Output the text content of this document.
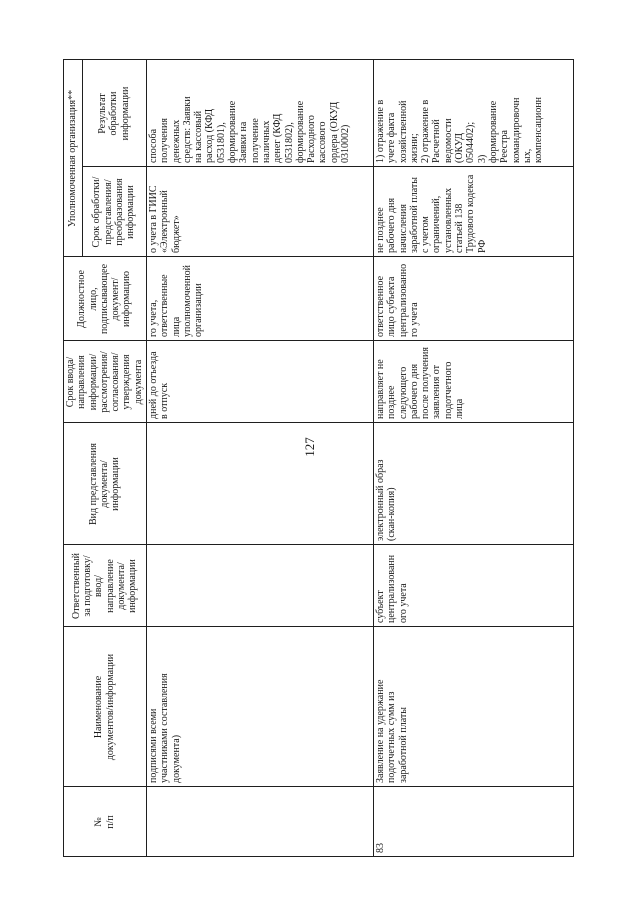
127
№
п/п
Наименование
документов/информации
Ответственный
за подготовку/
ввод/
направление
документа/
информации
Вид представления
документа/
информации
Срок ввода/
направления
информации/
рассмотрения/
согласования/
утверждения
документа
Должностное
лицо,
подписывающее
документ/
информацию
Уполномоченная организация**
Срок обработки/
представления/
преобразования
информации
Результат
обработки
информации
подписями всеми
участниками составления
документа)
дней до отъезда
в отпуск
го учета,
ответственные
лица
уполномоченной
организации
о учета в ГИИС
«Электронный
бюджет»
способа
получения
денежных
средств: Заявки
на кассовый
расход (КФД
0531801),
формирование
Заявки на
получение
наличных
денег (КФД
0531802),
формирование
Расходного
кассового
ордера (ОКУД
0310002)
83
Заявление на удержание
подотчетных сумм из
заработной платы
субъект
централизованн
ого учета
электронный образ
(скан-копия)
направляет не
позднее
следующего
рабочего дня
после получения
заявления от
подотчетного
лица
ответственное
лицо субъекта
централизованно
го учета
не позднее
рабочего дня
начисления
заработной платы
с учетом
ограничений,
установленных
статьей 138
Трудового кодекса
РФ
1) отражение в
учете факта
хозяйственной
жизни;
2) отражение в
Расчетной
ведомости
(ОКУД
0504402);
3)
формирование
Реестра
командировочн
ых,
компенсационн
